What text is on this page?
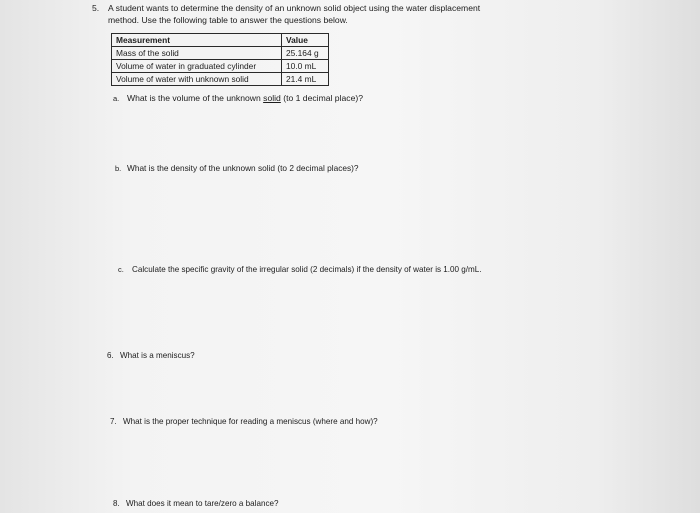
5. A student wants to determine the density of an unknown solid object using the water displacement
method. Use the following table to answer the questions below.
Measurement	Value
Mass of the solid	25.164 g
Volume of water in graduated cylinder	10.0 mL
Volume of water with unknown solid	21.4 mL
a. What is the volume of the unknown solid (to 1 decimal place)?
b. What is the density of the unknown solid (to 2 decimal places)?
c. Calculate the specific gravity of the irregular solid (2 decimals) if the density of water is 1.00 g/mL.
6. What is a meniscus?
7. What is the proper technique for reading a meniscus (where and how)?
8. What does it mean to tare/zero a balance?
